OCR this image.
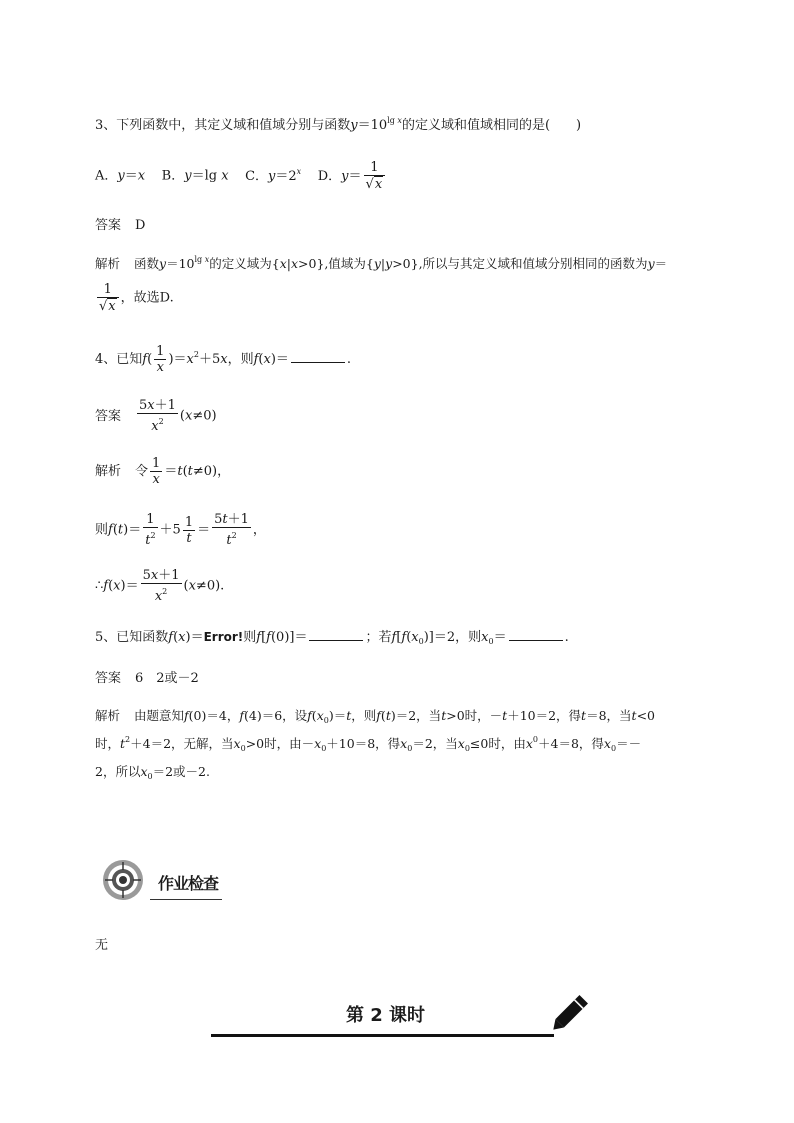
3、下列函数中，其定义域和值域分别与函数$y=10^{lg x}$的定义域和值域相同的是(　　)
A．y＝x B．y＝lg x C．$y=2^x$ D．$y= \frac{1}{√x}$
答案 D
解析 函数$y=10^{lg x}$的定义域为{x|x>0},值域为{y|y>0},所以与其定义域和值域分别相同的函数为y＝
$\frac{1}{√x}$ ，故选D.
4、已知$f( \frac{1}{x} )=x^2+5x$，则f(x)＝	.
答案 $\frac{5x+1}{x^2} (x\ne 0)$
解析 令 $\frac{1}{x} =t(t\ne 0)$，
则$f(t)= \frac{1}{t^2} +5 \frac{1}{t} = \frac{5t+1}{t^2}$ ，
∴f(x)＝ $\frac{5x+1}{x^2} (x\ne 0)$.
5、已知函数f(x)＝Error!则f[f(0)]＝	；若$f[f(x_0)]=2$，则$x_0=$	.
答案 6　2或－2
解析 由题意知f(0)＝4，f(4)＝6，设$f(x_0)=t$，则f(t)＝2，当t>0时，－t＋10＝2，得t＝8，当t<0
时，$t^2+4=2$，无解，当$x_0>0$时，由$-x_0+10=8$，得$x_0=2$，当$x_0\le 0$时，由$x^0+4=8$，得$x_0=-$
2，所以$x_0=2$或－2.
作业检查
无
第 2 课时
